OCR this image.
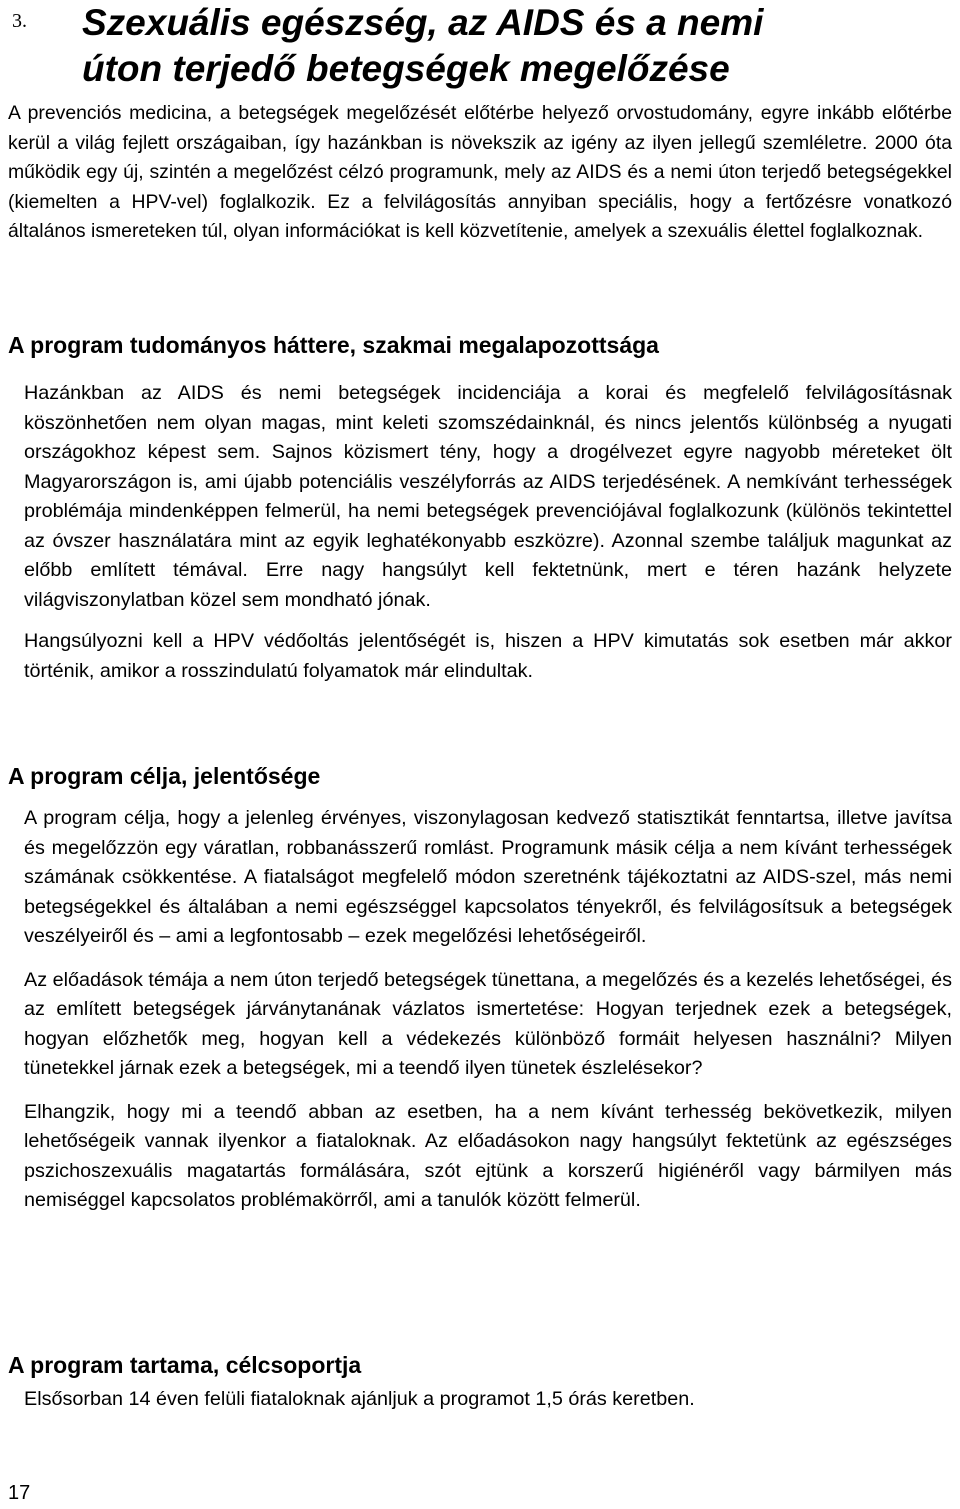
3.	Szexuális egészség, az AIDS és a nemi
úton terjedő betegségek megelőzése

A prevenciós medicina, a betegségek megelőzését előtérbe helyező orvostudomány, egyre inkább előtérbe kerül a világ fejlett országaiban, így hazánkban is növekszik az igény az ilyen jellegű szemléletre. 2000 óta működik egy új, szintén a megelőzést célzó programunk, mely az AIDS és a nemi úton terjedő betegségekkel (kiemelten a HPV-vel) foglalkozik. Ez a felvilágosítás annyiban speciális, hogy a fertőzésre vonatkozó általános ismereteken túl, olyan információkat is kell közvetítenie, amelyek a szexuális élettel foglalkoznak.

A program tudományos háttere, szakmai megalapozottsága

Hazánkban az AIDS és nemi betegségek incidenciája a korai és megfelelő felvilágosításnak köszönhetően nem olyan magas, mint keleti szomszédainknál, és nincs jelentős különbség a nyugati országokhoz képest sem. Sajnos közismert tény, hogy a drogélvezet egyre nagyobb méreteket ölt Magyarországon is, ami újabb potenciális veszélyforrás az AIDS terjedésének. A nemkívánt terhességek problémája mindenképpen felmerül, ha nemi betegségek prevenciójával foglalkozunk (különös tekintettel az óvszer használatára mint az egyik leghatékonyabb eszközre). Azonnal szembe találjuk magunkat az előbb említett témával. Erre nagy hangsúlyt kell fektetnünk, mert e téren hazánk helyzete világviszonylatban közel sem mondható jónak.

Hangsúlyozni kell a HPV védőoltás jelentőségét is, hiszen a HPV kimutatás sok esetben már akkor történik, amikor a rosszindulatú folyamatok már elindultak.

A program célja, jelentősége

A program célja, hogy a jelenleg érvényes, viszonylagosan kedvező statisztikát fenntartsa, illetve javítsa és megelőzzön egy váratlan, robbanásszerű romlást. Programunk másik célja a nem kívánt terhességek számának csökkentése. A fiatalságot megfelelő módon szeretnénk tájékoztatni az AIDS-szel, más nemi betegségekkel és általában a nemi egészséggel kapcsolatos tényekről, és felvilágosítsuk a betegségek veszélyeiről és – ami a legfontosabb – ezek megelőzési lehetőségeiről.

Az előadások témája a nem úton terjedő betegségek tünettana, a megelőzés és a kezelés lehetőségei, és az említett betegségek járványtanának vázlatos ismertetése: Hogyan terjednek ezek a betegségek, hogyan előzhetők meg, hogyan kell a védekezés különböző formáit helyesen használni? Milyen tünetekkel járnak ezek a betegségek, mi a teendő ilyen tünetek észlelésekor?

Elhangzik, hogy mi a teendő abban az esetben, ha a nem kívánt terhesség bekövetkezik, milyen lehetőségeik vannak ilyenkor a fiataloknak. Az előadásokon nagy hangsúlyt fektetünk az egészséges pszichoszexuális magatartás formálására, szót ejtünk a korszerű higiénéről vagy bármilyen más nemiséggel kapcsolatos problémakörről, ami a tanulók között felmerül.

A program tartama, célcsoportja

Elsősorban 14 éven felüli fiataloknak ajánljuk a programot 1,5 órás keretben.

17
